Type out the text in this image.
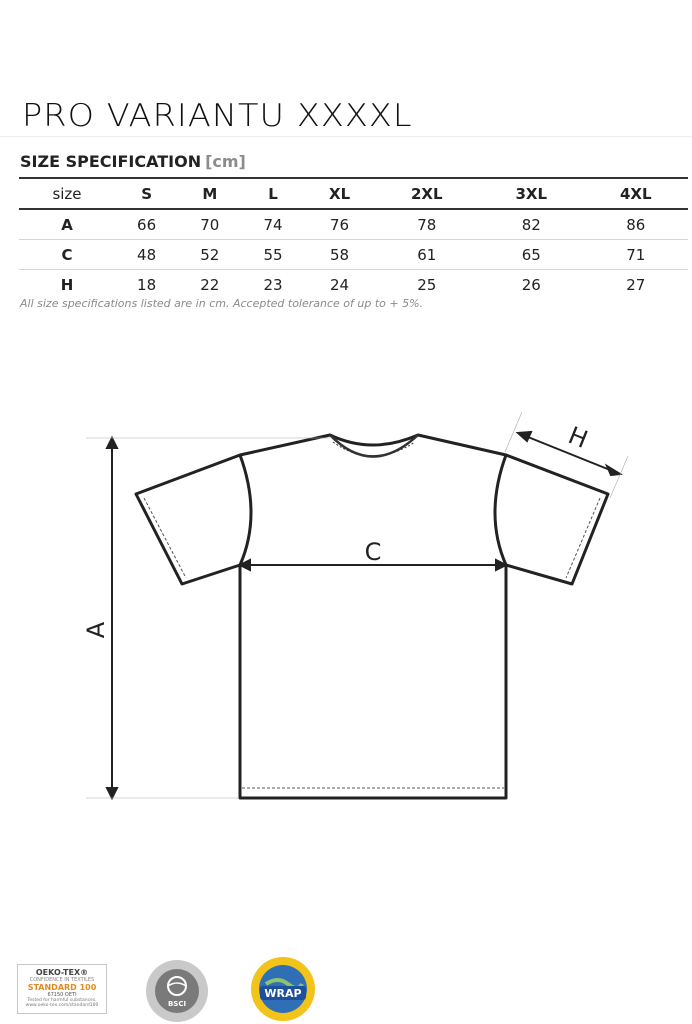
PRO VARIANTU XXXXL
SIZE SPECIFICATION [cm]
size	S	M	L	XL	2XL	3XL	4XL
A	66	70	74	76	78	82	86
C	48	52	55	58	61	65	71
H	18	22	23	24	25	26	27
All size specifications listed are in cm. Accepted tolerance of up to + 5%.
A
C
H
OEKO-TEX®
CONFIDENCE IN TEXTILES
STANDARD 100
67150 OETI
Tested for harmful substances.
www.oeko-tex.com/standard100	BSCI
WRAP
